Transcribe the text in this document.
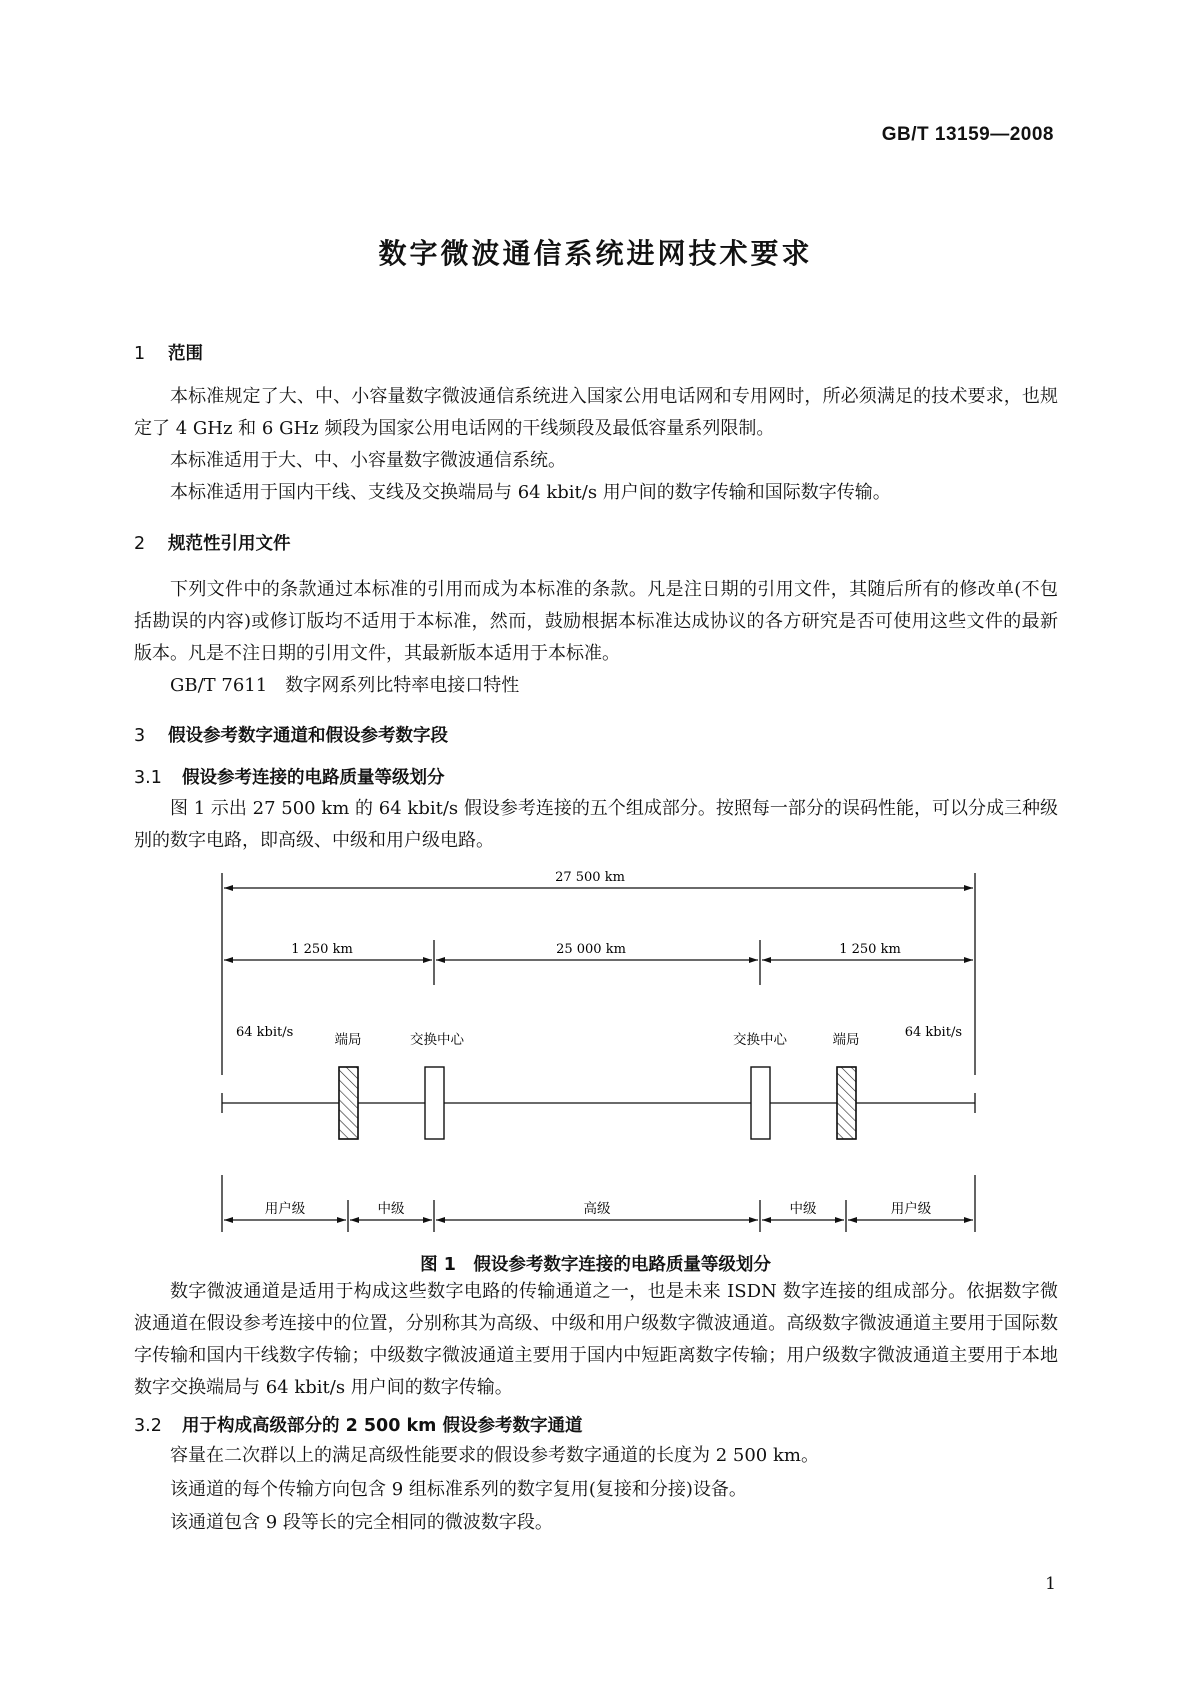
GB/T 13159—2008
数字微波通信系统进网技术要求
1 范围
本标准规定了大、中、小容量数字微波通信系统进入国家公用电话网和专用网时，所必须满足的技术要求，也规定了 4 GHz 和 6 GHz 频段为国家公用电话网的干线频段及最低容量系列限制。
本标准适用于大、中、小容量数字微波通信系统。
本标准适用于国内干线、支线及交换端局与 64 kbit/s 用户间的数字传输和国际数字传输。
2 规范性引用文件
下列文件中的条款通过本标准的引用而成为本标准的条款。凡是注日期的引用文件，其随后所有的修改单(不包括勘误的内容)或修订版均不适用于本标准，然而，鼓励根据本标准达成协议的各方研究是否可使用这些文件的最新版本。凡是不注日期的引用文件，其最新版本适用于本标准。
GB/T 7611　数字网系列比特率电接口特性
3 假设参考数字通道和假设参考数字段
3.1 假设参考连接的电路质量等级划分
图 1 示出 27 500 km 的 64 kbit/s 假设参考连接的五个组成部分。按照每一部分的误码性能，可以分成三种级别的数字电路，即高级、中级和用户级电路。
27 500 km
1 250 km	25 000 km	1 250 km
64 kbit/s	64 kbit/s
端局	交换中心	交换中心	端局
用户级	中级	高级	中级	用户级
图 1　假设参考数字连接的电路质量等级划分
数字微波通道是适用于构成这些数字电路的传输通道之一，也是未来 ISDN 数字连接的组成部分。依据数字微波通道在假设参考连接中的位置，分别称其为高级、中级和用户级数字微波通道。高级数字微波通道主要用于国际数字传输和国内干线数字传输；中级数字微波通道主要用于国内中短距离数字传输；用户级数字微波通道主要用于本地数字交换端局与 64 kbit/s 用户间的数字传输。
3.2 用于构成高级部分的 2 500 km 假设参考数字通道
容量在二次群以上的满足高级性能要求的假设参考数字通道的长度为 2 500 km。
该通道的每个传输方向包含 9 组标准系列的数字复用(复接和分接)设备。
该通道包含 9 段等长的完全相同的微波数字段。
1
